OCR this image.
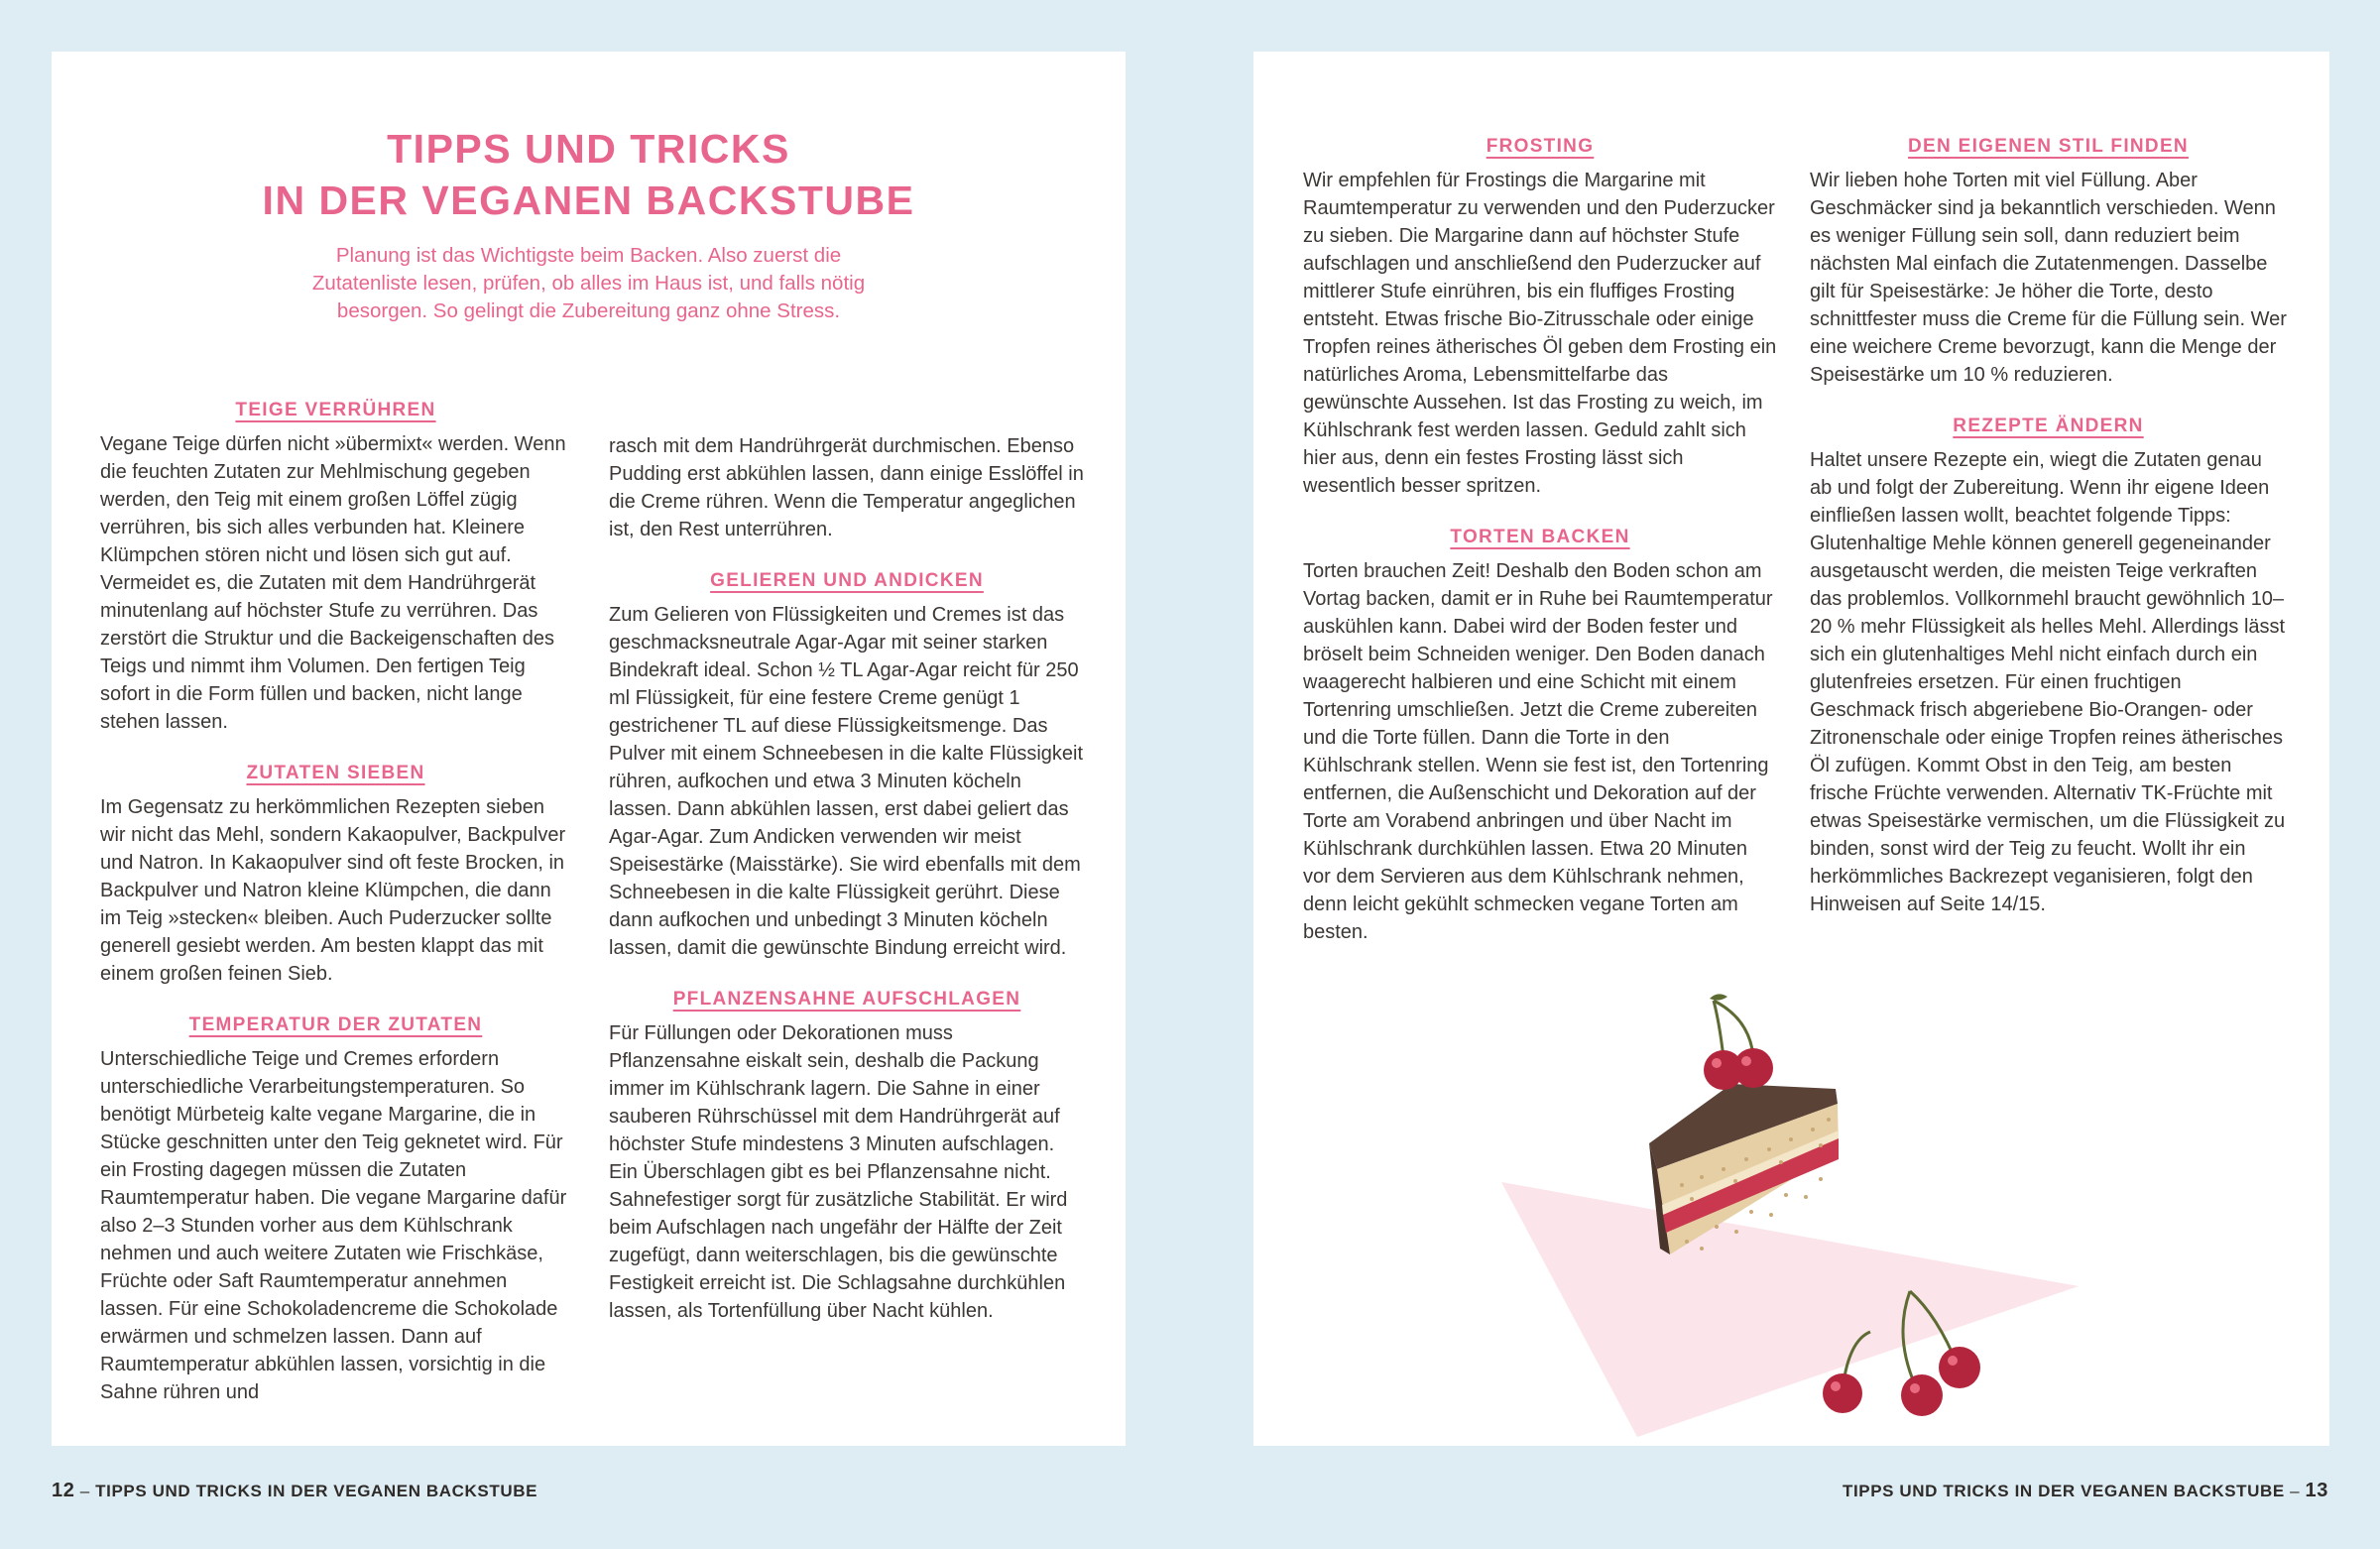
TIPPS UND TRICKS
IN DER VEGANEN BACKSTUBE

Planung ist das Wichtigste beim Backen. Also zuerst die Zutatenliste lesen, prüfen, ob alles im Haus ist, und falls nötig besorgen. So gelingt die Zubereitung ganz ohne Stress.

TEIGE VERRÜHREN

Vegane Teige dürfen nicht »übermixt« werden. Wenn die feuchten Zutaten zur Mehlmischung gegeben werden, den Teig mit einem großen Löffel zügig verrühren, bis sich alles verbunden hat. Kleinere Klümpchen stören nicht und lösen sich gut auf. Vermeidet es, die Zutaten mit dem Handrührgerät minutenlang auf höchster Stufe zu verrühren. Das zerstört die Struktur und die Backeigenschaften des Teigs und nimmt ihm Volumen. Den fertigen Teig sofort in die Form füllen und backen, nicht lange stehen lassen.

ZUTATEN SIEBEN

Im Gegensatz zu herkömmlichen Rezepten sieben wir nicht das Mehl, sondern Kakaopulver, Backpulver und Natron. In Kakaopulver sind oft feste Brocken, in Backpulver und Natron kleine Klümpchen, die dann im Teig »stecken« bleiben. Auch Puderzucker sollte generell gesiebt werden. Am besten klappt das mit einem großen feinen Sieb.

TEMPERATUR DER ZUTATEN

Unterschiedliche Teige und Cremes erfordern unterschiedliche Verarbeitungstemperaturen. So benötigt Mürbeteig kalte vegane Margarine, die in Stücke geschnitten unter den Teig geknetet wird. Für ein Frosting dagegen müssen die Zutaten Raumtemperatur haben. Die vegane Margarine dafür also 2–3 Stunden vorher aus dem Kühlschrank nehmen und auch weitere Zutaten wie Frischkäse, Früchte oder Saft Raumtemperatur annehmen lassen. Für eine Schokoladencreme die Schokolade erwärmen und schmelzen lassen. Dann auf Raumtemperatur abkühlen lassen, vorsichtig in die Sahne rühren und

rasch mit dem Handrührgerät durchmischen. Ebenso Pudding erst abkühlen lassen, dann einige Esslöffel in die Creme rühren. Wenn die Temperatur angeglichen ist, den Rest unterrühren.

GELIEREN UND ANDICKEN

Zum Gelieren von Flüssigkeiten und Cremes ist das geschmacksneutrale Agar-Agar mit seiner starken Bindekraft ideal. Schon ½ TL Agar-Agar reicht für 250 ml Flüssigkeit, für eine festere Creme genügt 1 gestrichener TL auf diese Flüssigkeitsmenge. Das Pulver mit einem Schneebesen in die kalte Flüssigkeit rühren, aufkochen und etwa 3 Minuten köcheln lassen. Dann abkühlen lassen, erst dabei geliert das Agar-Agar. Zum Andicken verwenden wir meist Speisestärke (Maisstärke). Sie wird ebenfalls mit dem Schneebesen in die kalte Flüssigkeit gerührt. Diese dann aufkochen und unbedingt 3 Minuten köcheln lassen, damit die gewünschte Bindung erreicht wird.

PFLANZENSAHNE AUFSCHLAGEN

Für Füllungen oder Dekorationen muss Pflanzensahne eiskalt sein, deshalb die Packung immer im Kühlschrank lagern. Die Sahne in einer sauberen Rührschüssel mit dem Handrührgerät auf höchster Stufe mindestens 3 Minuten aufschlagen. Ein Überschlagen gibt es bei Pflanzensahne nicht. Sahnefestiger sorgt für zusätzliche Stabilität. Er wird beim Aufschlagen nach ungefähr der Hälfte der Zeit zugefügt, dann weiterschlagen, bis die gewünschte Festigkeit erreicht ist. Die Schlagsahne durchkühlen lassen, als Tortenfüllung über Nacht kühlen.

FROSTING

Wir empfehlen für Frostings die Margarine mit Raumtemperatur zu verwenden und den Puderzucker zu sieben. Die Margarine dann auf höchster Stufe aufschlagen und anschließend den Puderzucker auf mittlerer Stufe einrühren, bis ein fluffiges Frosting entsteht. Etwas frische Bio-Zitrusschale oder einige Tropfen reines ätherisches Öl geben dem Frosting ein natürliches Aroma, Lebensmittelfarbe das gewünschte Aussehen. Ist das Frosting zu weich, im Kühlschrank fest werden lassen. Geduld zahlt sich hier aus, denn ein festes Frosting lässt sich wesentlich besser spritzen.

TORTEN BACKEN

Torten brauchen Zeit! Deshalb den Boden schon am Vortag backen, damit er in Ruhe bei Raumtemperatur auskühlen kann. Dabei wird der Boden fester und bröselt beim Schneiden weniger. Den Boden danach waagerecht halbieren und eine Schicht mit einem Tortenring umschließen. Jetzt die Creme zubereiten und die Torte füllen. Dann die Torte in den Kühlschrank stellen. Wenn sie fest ist, den Tortenring entfernen, die Außenschicht und Dekoration auf der Torte am Vorabend anbringen und über Nacht im Kühlschrank durchkühlen lassen. Etwa 20 Minuten vor dem Servieren aus dem Kühlschrank nehmen, denn leicht gekühlt schmecken vegane Torten am besten.

DEN EIGENEN STIL FINDEN

Wir lieben hohe Torten mit viel Füllung. Aber Geschmäcker sind ja bekanntlich verschieden. Wenn es weniger Füllung sein soll, dann reduziert beim nächsten Mal einfach die Zutatenmengen. Dasselbe gilt für Speisestärke: Je höher die Torte, desto schnittfester muss die Creme für die Füllung sein. Wer eine weichere Creme bevorzugt, kann die Menge der Speisestärke um 10 % reduzieren.

REZEPTE ÄNDERN

Haltet unsere Rezepte ein, wiegt die Zutaten genau ab und folgt der Zubereitung. Wenn ihr eigene Ideen einfließen lassen wollt, beachtet folgende Tipps: Glutenhaltige Mehle können generell gegeneinander ausgetauscht werden, die meisten Teige verkraften das problemlos. Vollkornmehl braucht gewöhnlich 10–20 % mehr Flüssigkeit als helles Mehl. Allerdings lässt sich ein glutenhaltiges Mehl nicht einfach durch ein glutenfreies ersetzen. Für einen fruchtigen Geschmack frisch abgeriebene Bio-Orangen- oder Zitronenschale oder einige Tropfen reines ätherisches Öl zufügen. Kommt Obst in den Teig, am besten frische Früchte verwenden. Alternativ TK-Früchte mit etwas Speisestärke vermischen, um die Flüssigkeit zu binden, sonst wird der Teig zu feucht. Wollt ihr ein herkömmliches Backrezept veganisieren, folgt den Hinweisen auf Seite 14/15.

12 – TIPPS UND TRICKS IN DER VEGANEN BACKSTUBE	TIPPS UND TRICKS IN DER VEGANEN BACKSTUBE – 13
